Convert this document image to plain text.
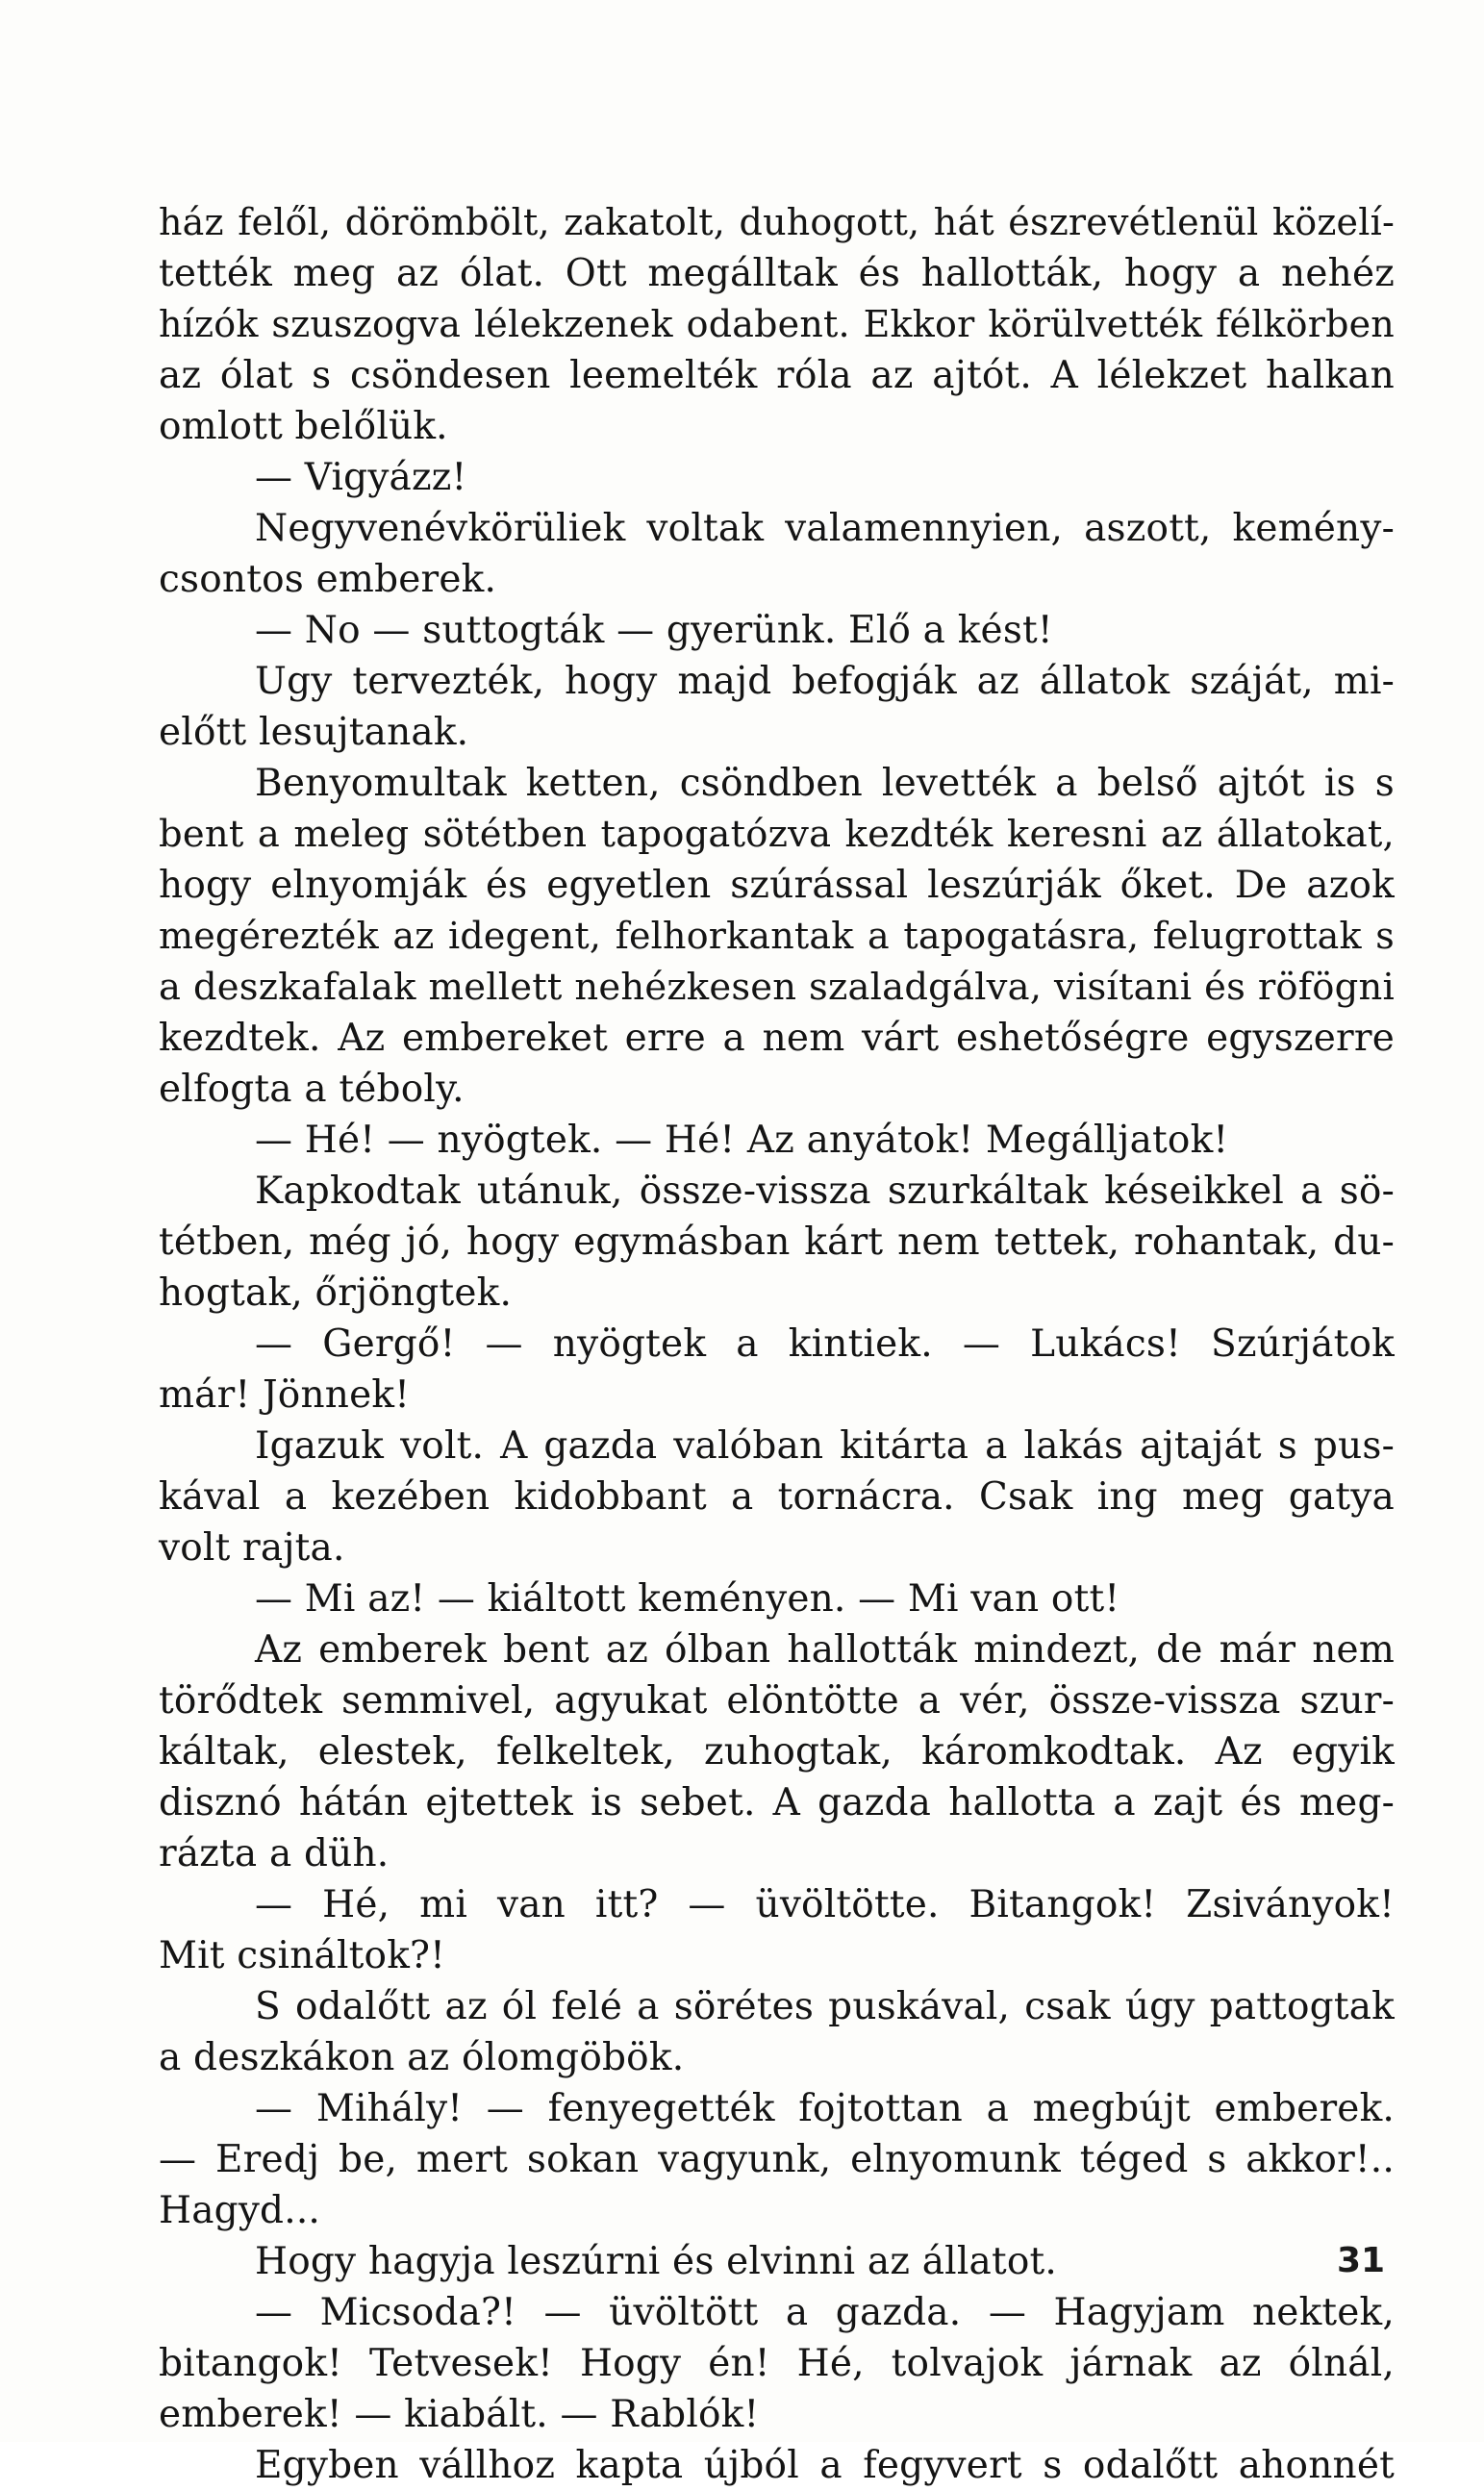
ház felől, dörömbölt, zakatolt, duhogott, hát észrevétlenül közelí-
tették meg az ólat. Ott megálltak és hallották, hogy a nehéz
hízók szuszogva lélekzenek odabent. Ekkor körülvették félkörben
az ólat s csöndesen leemelték róla az ajtót. A lélekzet halkan
omlott belőlük.
— Vigyázz!
Negyvenévkörüliek voltak valamennyien, aszott, kemény-
csontos emberek.
— No — suttogták — gyerünk. Elő a kést!
Ugy tervezték, hogy majd befogják az állatok száját, mi-
előtt lesujtanak.
Benyomultak ketten, csöndben levették a belső ajtót is s
bent a meleg sötétben tapogatózva kezdték keresni az állatokat,
hogy elnyomják és egyetlen szúrással leszúrják őket. De azok
megérezték az idegent, felhorkantak a tapogatásra, felugrottak s
a deszkafalak mellett nehézkesen szaladgálva, visítani és röfögni
kezdtek. Az embereket erre a nem várt eshetőségre egyszerre
elfogta a téboly.
— Hé! — nyögtek. — Hé! Az anyátok! Megálljatok!
Kapkodtak utánuk, össze-vissza szurkáltak késeikkel a sö-
tétben, még jó, hogy egymásban kárt nem tettek, rohantak, du-
hogtak, őrjöngtek.
— Gergő! — nyögtek a kintiek. — Lukács! Szúrjátok
már! Jönnek!
Igazuk volt. A gazda valóban kitárta a lakás ajtaját s pus-
kával a kezében kidobbant a tornácra. Csak ing meg gatya
volt rajta.
— Mi az! — kiáltott keményen. — Mi van ott!
Az emberek bent az ólban hallották mindezt, de már nem
törődtek semmivel, agyukat elöntötte a vér, össze-vissza szur-
káltak, elestek, felkeltek, zuhogtak, káromkodtak. Az egyik
disznó hátán ejtettek is sebet. A gazda hallotta a zajt és meg-
rázta a düh.
— Hé, mi van itt? — üvöltötte. Bitangok! Zsiványok!
Mit csináltok?!
S odalőtt az ól felé a sörétes puskával, csak úgy pattogtak
a deszkákon az ólomgöbök.
— Mihály! — fenyegették fojtottan a megbújt emberek.
— Eredj be, mert sokan vagyunk, elnyomunk téged s akkor!..
Hagyd...
Hogy hagyja leszúrni és elvinni az állatot.
— Micsoda?! — üvöltött a gazda. — Hagyjam nektek,
bitangok! Tetvesek! Hogy én! Hé, tolvajok járnak az ólnál,
emberek! — kiabált. — Rablók!
Egyben vállhoz kapta újból a fegyvert s odalőtt ahonnét
31
